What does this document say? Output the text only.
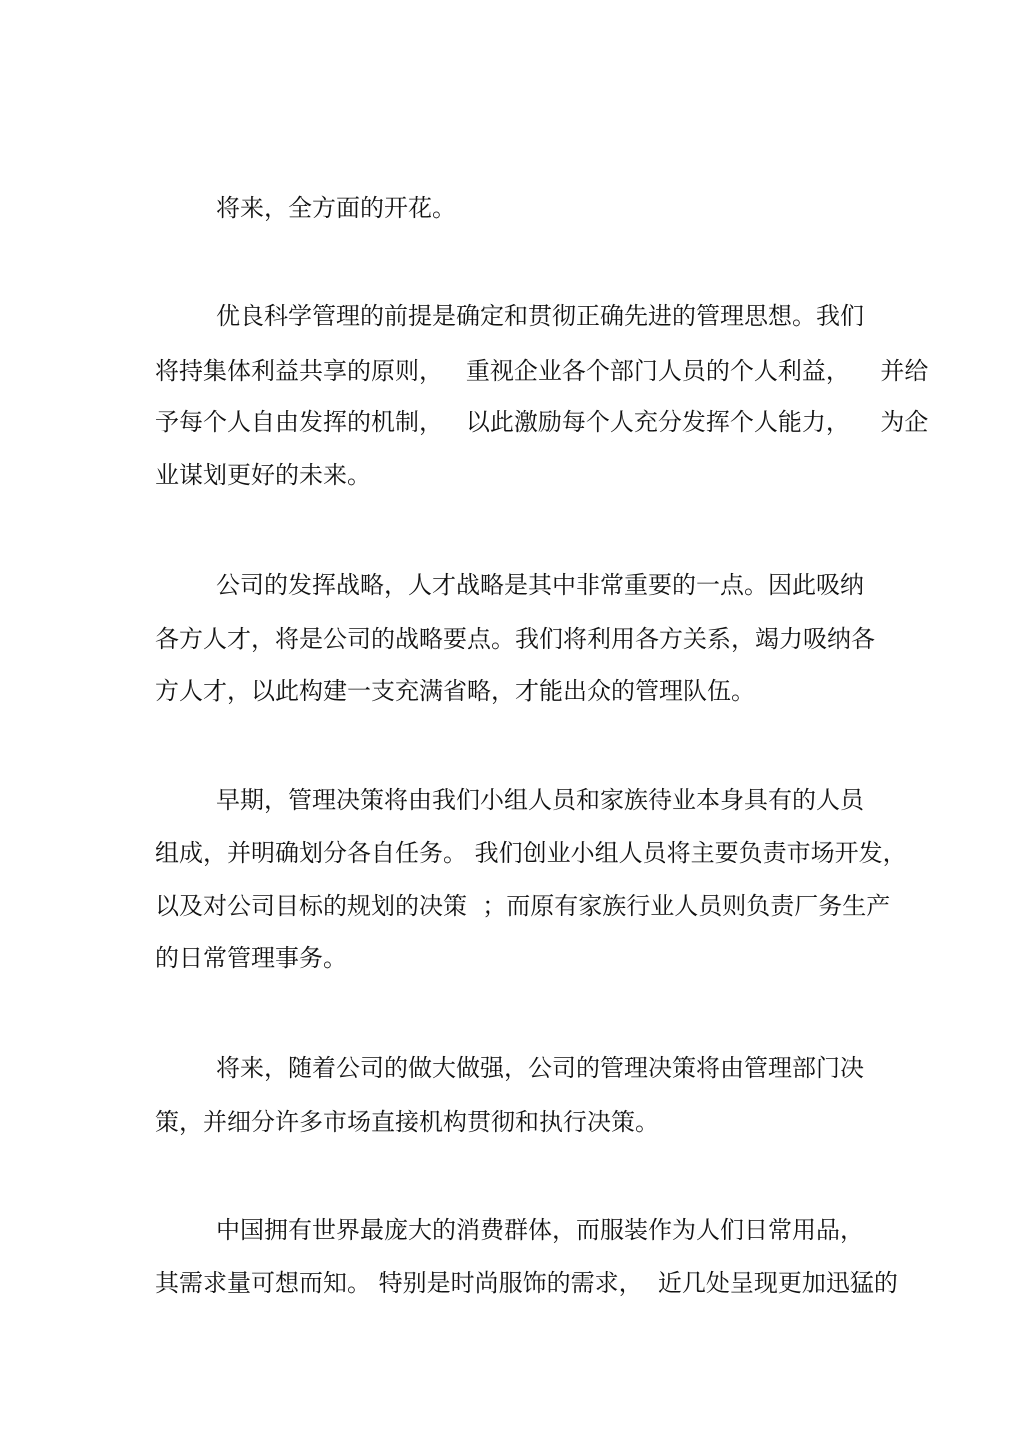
将来，全方面的开花。
优良科学管理的前提是确定和贯彻正确先进的管理思想。我们
将持集体利益共享的原则，   重视企业各个部门人员的个人利益，    并给
予每个人自由发挥的机制，   以此激励每个人充分发挥个人能力，    为企
业谋划更好的未来。
公司的发挥战略，人才战略是其中非常重要的一点。因此吸纳
各方人才，将是公司的战略要点。我们将利用各方关系，竭力吸纳各
方人才，以此构建一支充满省略，才能出众的管理队伍。
早期，管理决策将由我们小组人员和家族待业本身具有的人员
组成，并明确划分各自任务。 我们创业小组人员将主要负责市场开发，
以及对公司目标的规划的决策  ；而原有家族行业人员则负责厂务生产
的日常管理事务。
将来，随着公司的做大做强，公司的管理决策将由管理部门决
策，并细分许多市场直接机构贯彻和执行决策。
中国拥有世界最庞大的消费群体，而服装作为人们日常用品，
其需求量可想而知。 特别是时尚服饰的需求，  近几处呈现更加迅猛的
